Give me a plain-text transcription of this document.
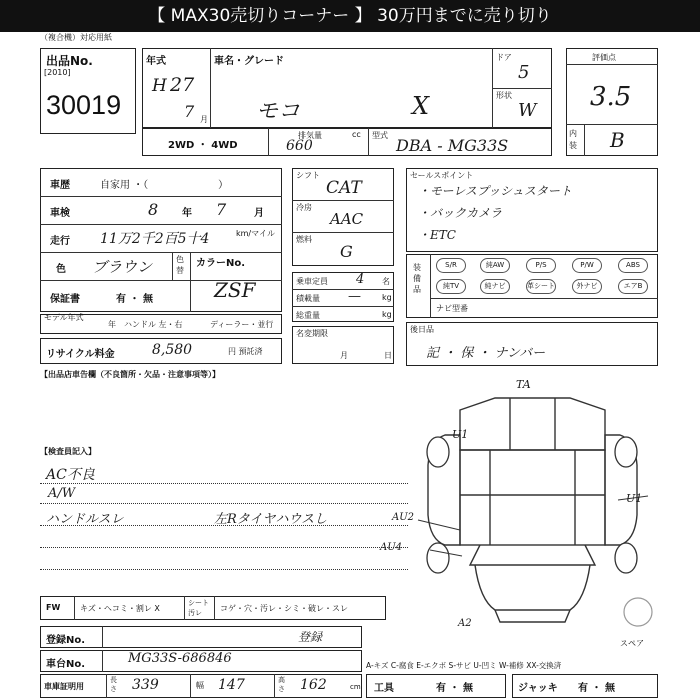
【 MAX30売切りコーナー 】 30万円までに売り切り
（複合機）対応用紙
出品No.
[2010]
30019
年式
H 27
7 月
車名・グレード
モコ	X
ドア
5
形状
W
評価点
3.5
内装 B
2WD ・ 4WD
排気量
660
cc 型式
DBA - MG33S
車歴	自家用 ・（　　　　　　　）
車検	8 年 7	月
走行 11万2千2百5十4	km/マイル
色 ブラウン	色替
カラーNo.
ZSF
保証書	有 ・ 無
モデル年式
年 ハンドル 左・右	ディーラー・並行
リサイクル料金	8,580	円 預託済
シフト
CAT
冷房
AAC
燃料
G
乗車定員 4 名
積載量 —	kg
総重量	kg
名変期限
月	日
セールスポイント
・モーレスプッシュスタート
・バックカメラ
・ETC
装備品
S/R	純AW	P/S	P/W	ABS
純TV	純ナビ	革シート	外ナビ	エアB
ナビ型番
後日品
記 ・ 保 ・ ナンバー
【出品店車告欄（不良箇所・欠品・注意事項等）】
【検査員記入】
AC不良
A/W
ハンドルスレ	左Rタイヤハウスし
TA
U1
U1
AU2
AU4
A2
スペア
FW キズ・ヘコミ・割レ X
シート汚レ	コゲ・穴・汚レ・シミ・破レ・スレ
登録No.	登録
車台No.	MG33S-686846	A-キズ C-腐食 E-エクボ S-サビ U-凹ミ W-補修 XX-交換済
車庫証明用
長さ 339	幅 147	高さ 162	cm 工具	有 ・ 無	ジャッキ 有 ・ 無
